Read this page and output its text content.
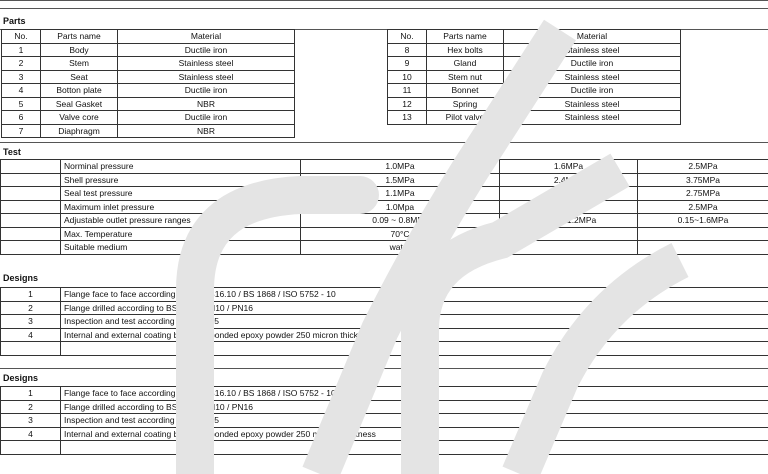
Parts
No.	Parts name	Material
1	Body	Ductile iron
2	Stem	Stainless steel
3	Seat	Stainless steel
4	Botton plate	Ductile iron
5	Seal Gasket	NBR
6	Valve core	Ductile iron
7	Diaphragm	NBR
No.	Parts name	Material
8	Hex bolts	Stainless steel
9	Gland	Ductile iron
10	Stem nut	Stainless steel
11	Bonnet	Ductile iron
12	Spring	Stainless steel
13	Pilot valve	Stainless steel
Test
	Norminal pressure	1.0MPa	1.6MPa	2.5MPa
	Shell pressure	1.5MPa	2.4MPa	3.75MPa
	Seal test pressure	1.1MPa	1.76MPa	2.75MPa
	Maximum inlet pressure	1.0Mpa	1.6MPa	2.5MPa
	Adjustable outlet pressure ranges	0.09 ~ 0.8MPa	0.10 ~ 1.2MPa	0.15~1.6MPa
	Max. Temperature	70°C		
	Suitable medium	water		
Designs
1	Flange face to face according to ANSI B16.10 / BS 1868 / ISO 5752 - 10
2	Flange drilled according to BS 4504, PN10 / PN16
3	Inspection and test according to BS 6755
4	Internal and external coating by fusion bonded epoxy powder 250 micron thickness

Designs
1	Flange face to face according to ANSI B16.10 / BS 1868 / ISO 5752 - 10
2	Flange drilled according to BS 4504, PN10 / PN16
3	Inspection and test according to BS 6755
4	Internal and external coating by fusion bonded epoxy powder 250 micron thickness
